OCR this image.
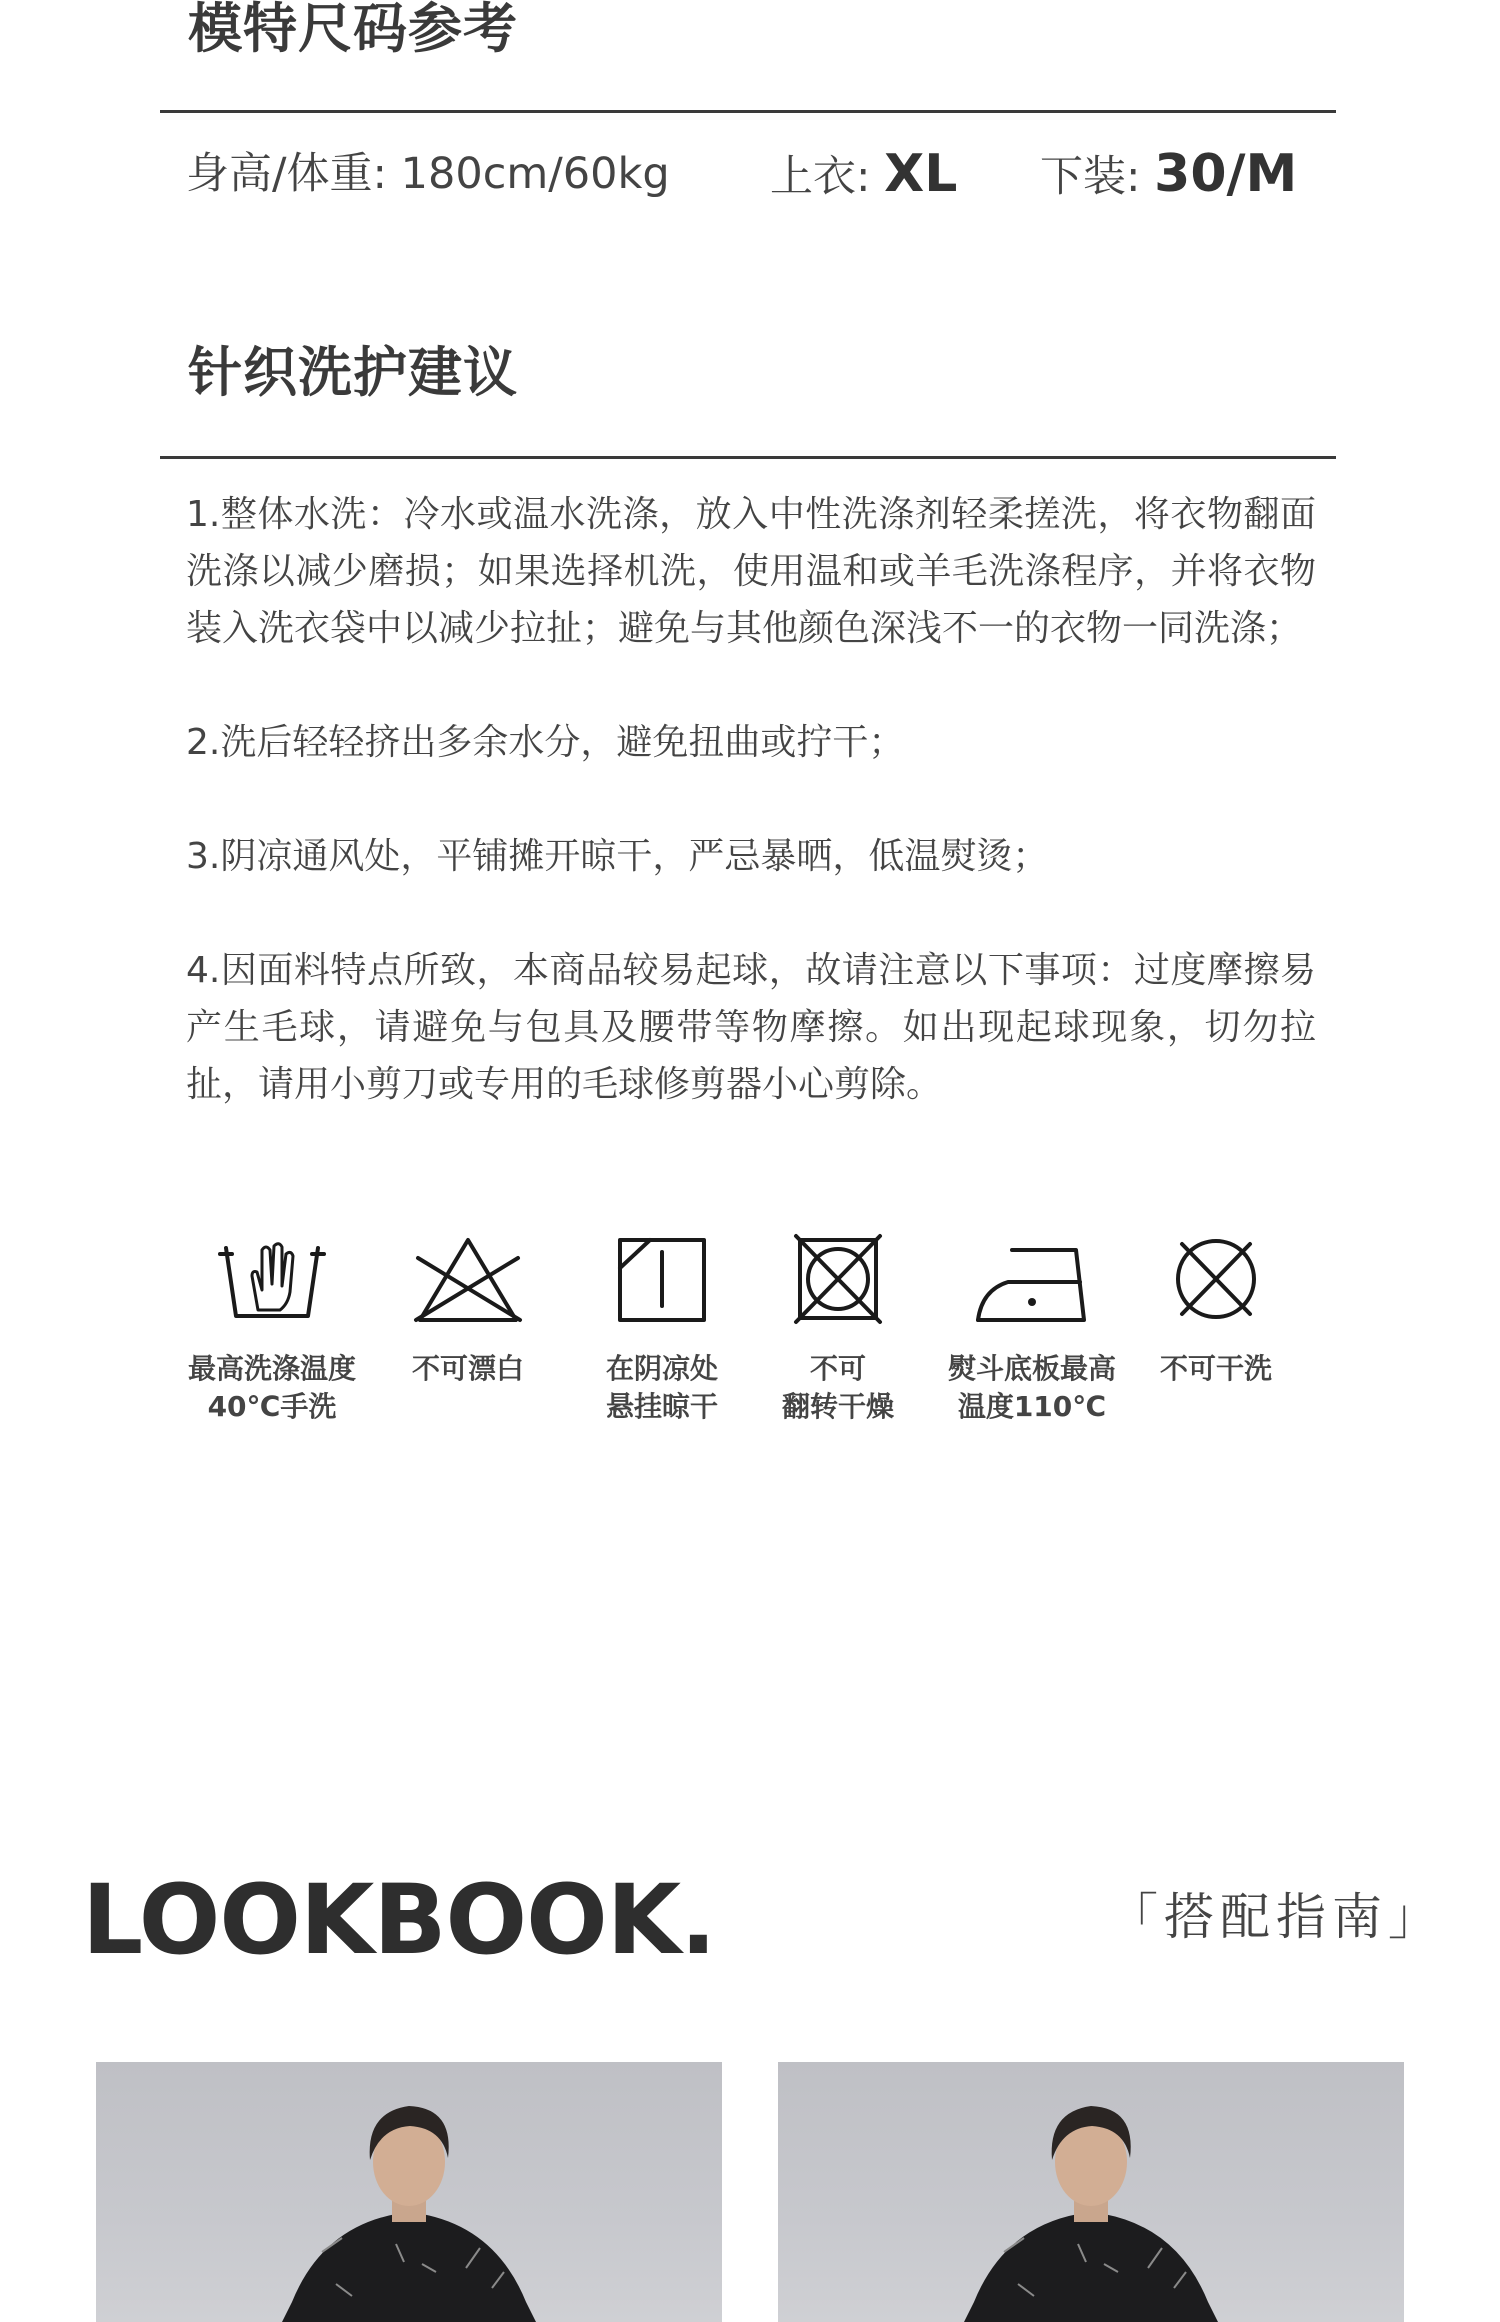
模特尺码参考
身高/体重: 180cm/60kg 上衣: XL 下装: 30/M
针织洗护建议

1.整体水洗：冷水或温水洗涤，放入中性洗涤剂轻柔搓洗，将衣物翻面洗涤以减少磨损；如果选择机洗，使用温和或羊毛洗涤程序，并将衣物装入洗衣袋中以减少拉扯；避免与其他颜色深浅不一的衣物一同洗涤；

2.洗后轻轻挤出多余水分，避免扭曲或拧干；

3.阴凉通风处，平铺摊开晾干，严忌暴晒，低温熨烫；

4.因面料特点所致，本商品较易起球，故请注意以下事项：过度摩擦易产生毛球，请避免与包具及腰带等物摩擦。如出现起球现象，切勿拉扯，请用小剪刀或专用的毛球修剪器小心剪除。

最高洗涤温度
40℃手洗
不可漂白	在阴凉处
悬挂晾干
不可
翻转干燥
熨斗底板最高
温度110℃
不可干洗
LOOKBOOK.	「搭配指南」
